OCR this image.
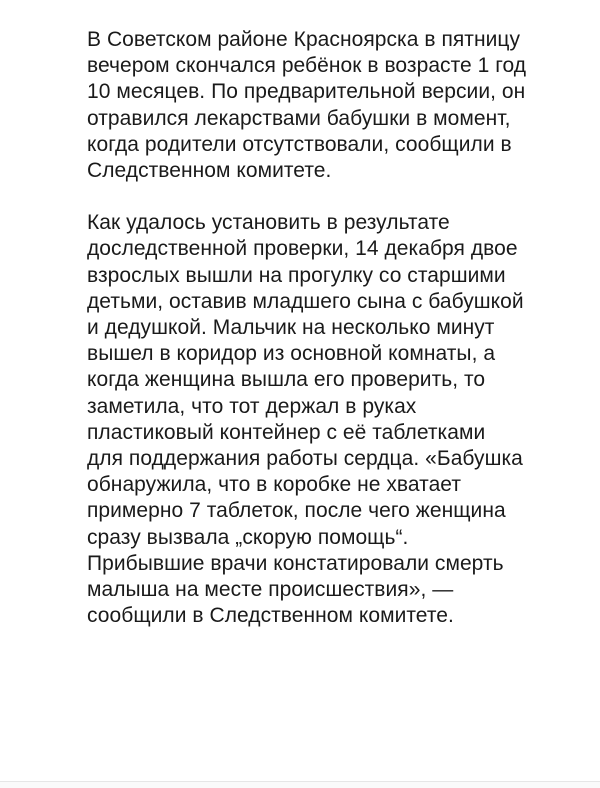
В Советском районе Красноярска в пятницу вечером скончался ребёнок в возрасте 1 год 10 месяцев. По предварительной версии, он отравился лекарствами бабушки в момент, когда родители отсутствовали, сообщили в Следственном комитете.

Как удалось установить в результате доследственной проверки, 14 декабря двое взрослых вышли на прогулку со старшими детьми, оставив младшего сына с бабушкой и дедушкой. Мальчик на несколько минут вышел в коридор из основной комнаты, а когда женщина вышла его проверить, то заметила, что тот держал в руках пластиковый контейнер с её таблетками для поддержания работы сердца. «Бабушка обнаружила, что в коробке не хватает примерно 7 таблеток, после чего женщина сразу вызвала „скорую помощь“. Прибывшие врачи констатировали смерть малыша на месте происшествия», — сообщили в Следственном комитете.
